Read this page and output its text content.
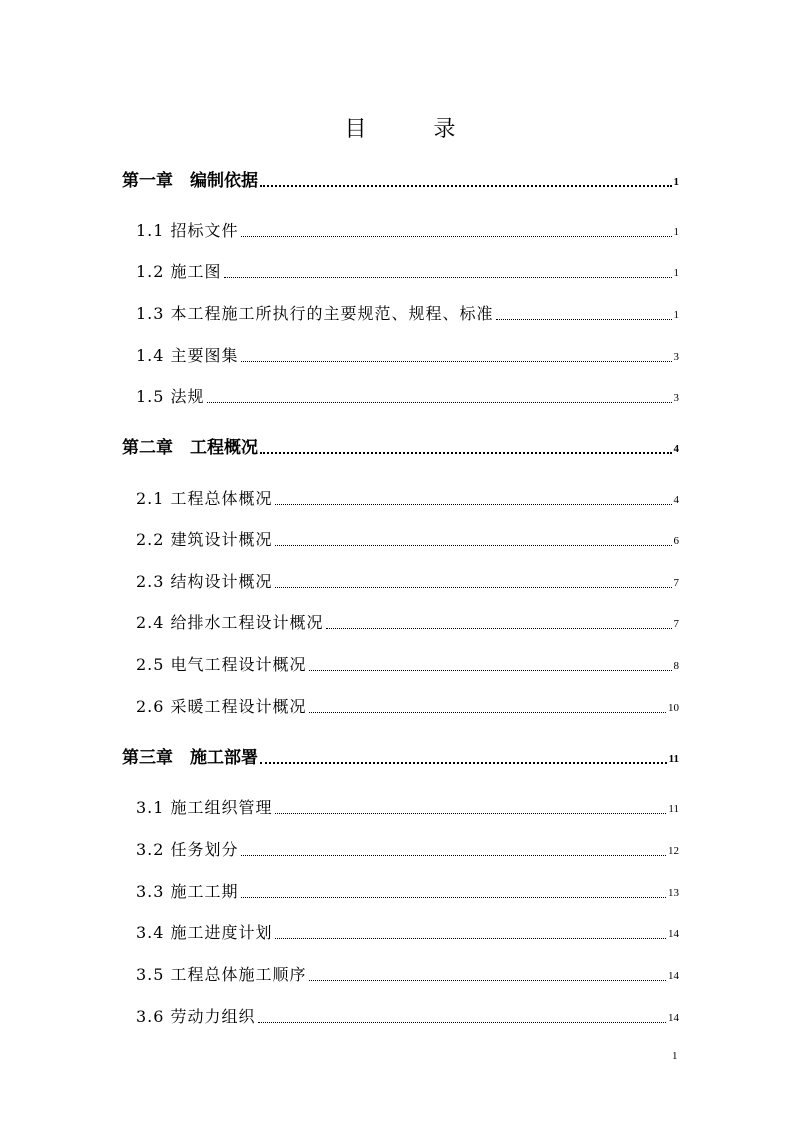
目	录
第一章　编制依据	1
1.1 招标文件	1
1.2 施工图	1
1.3 本工程施工所执行的主要规范、规程、标准	1
1.4 主要图集	3
1.5 法规	3
第二章　工程概况	4
2.1 工程总体概况	4
2.2 建筑设计概况	6
2.3 结构设计概况	7
2.4 给排水工程设计概况	7
2.5 电气工程设计概况	8
2.6 采暖工程设计概况	10
第三章　施工部署	11
3.1 施工组织管理	11
3.2 任务划分	12
3.3 施工工期	13
3.4 施工进度计划	14
3.5 工程总体施工顺序	14
3.6 劳动力组织	14
1
